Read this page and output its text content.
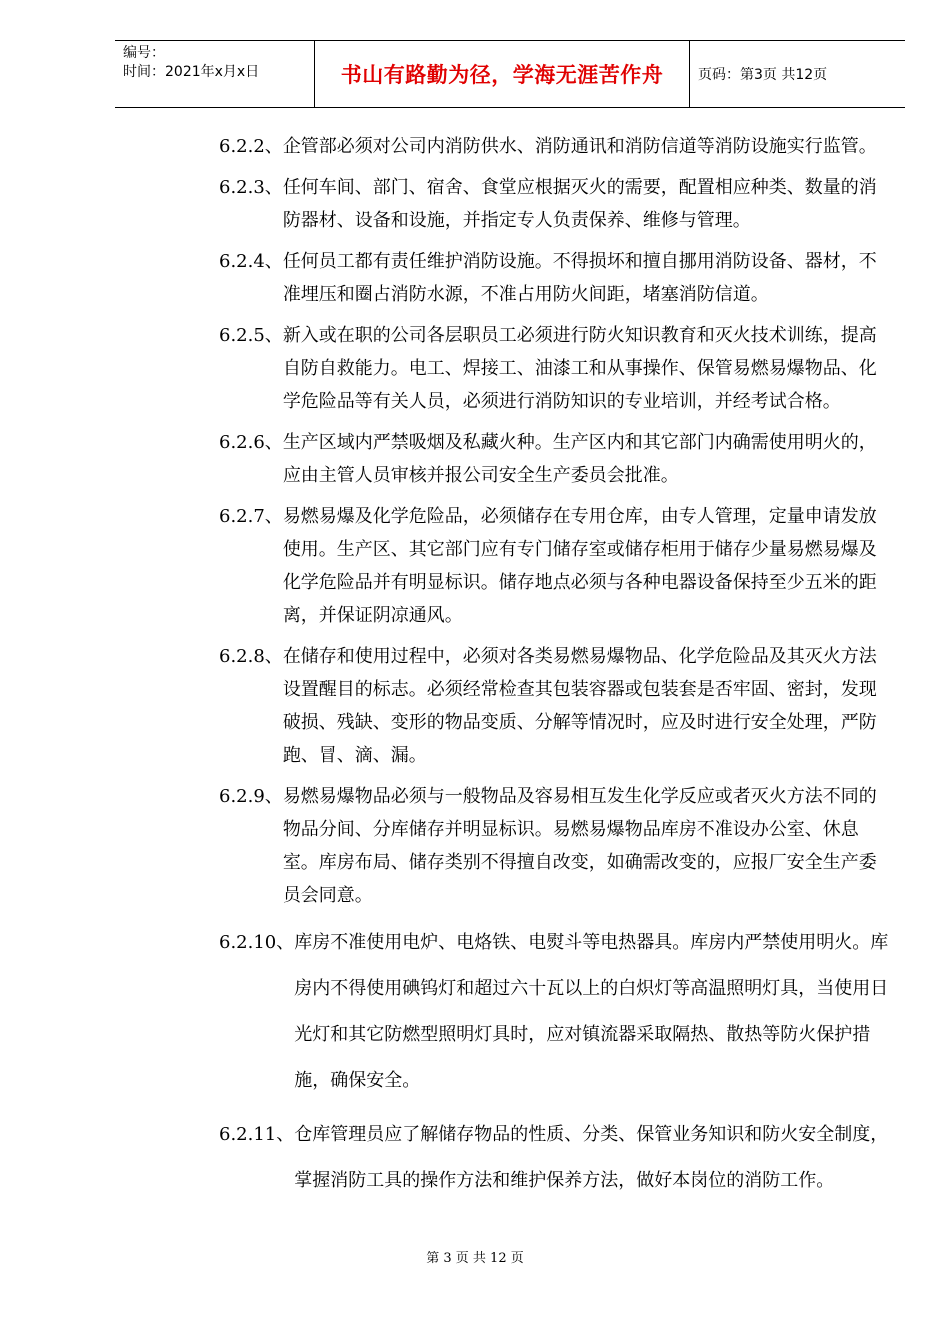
编号：
时间：2021年x月x日	书山有路勤为径，学海无涯苦作舟	页码：第3页 共12页
6.2.2、 企管部必须对公司内消防供水、消防通讯和消防信道等消防设施实行监管。
6.2.3、 任何车间、部门、宿舍、食堂应根据灭火的需要，配置相应种类、数量的消防器材、设备和设施，并指定专人负责保养、维修与管理。
6.2.4、 任何员工都有责任维护消防设施。不得损坏和擅自挪用消防设备、器材，不准埋压和圈占消防水源，不准占用防火间距，堵塞消防信道。
6.2.5、 新入或在职的公司各层职员工必须进行防火知识教育和灭火技术训练，提高自防自救能力。电工、焊接工、油漆工和从事操作、保管易燃易爆物品、化学危险品等有关人员，必须进行消防知识的专业培训，并经考试合格。
6.2.6、 生产区域内严禁吸烟及私藏火种。生产区内和其它部门内确需使用明火的，应由主管人员审核并报公司安全生产委员会批准。
6.2.7、 易燃易爆及化学危险品，必须储存在专用仓库，由专人管理，定量申请发放使用。生产区、其它部门应有专门储存室或储存柜用于储存少量易燃易爆及化学危险品并有明显标识。储存地点必须与各种电器设备保持至少五米的距离，并保证阴凉通风。
6.2.8、 在储存和使用过程中，必须对各类易燃易爆物品、化学危险品及其灭火方法设置醒目的标志。必须经常检查其包装容器或包装套是否牢固、密封，发现破损、残缺、变形的物品变质、分解等情况时，应及时进行安全处理，严防跑、冒、滴、漏。
6.2.9、 易燃易爆物品必须与一般物品及容易相互发生化学反应或者灭火方法不同的物品分间、分库储存并明显标识。易燃易爆物品库房不准设办公室、休息室。库房布局、储存类别不得擅自改变，如确需改变的，应报厂安全生产委员会同意。
6.2.10、 库房不准使用电炉、电烙铁、电熨斗等电热器具。库房内严禁使用明火。库房内不得使用碘钨灯和超过六十瓦以上的白炽灯等高温照明灯具，当使用日光灯和其它防燃型照明灯具时，应对镇流器采取隔热、散热等防火保护措施，确保安全。
6.2.11、 仓库管理员应了解储存物品的性质、分类、保管业务知识和防火安全制度，掌握消防工具的操作方法和维护保养方法，做好本岗位的消防工作。
第 3 页 共 12 页
